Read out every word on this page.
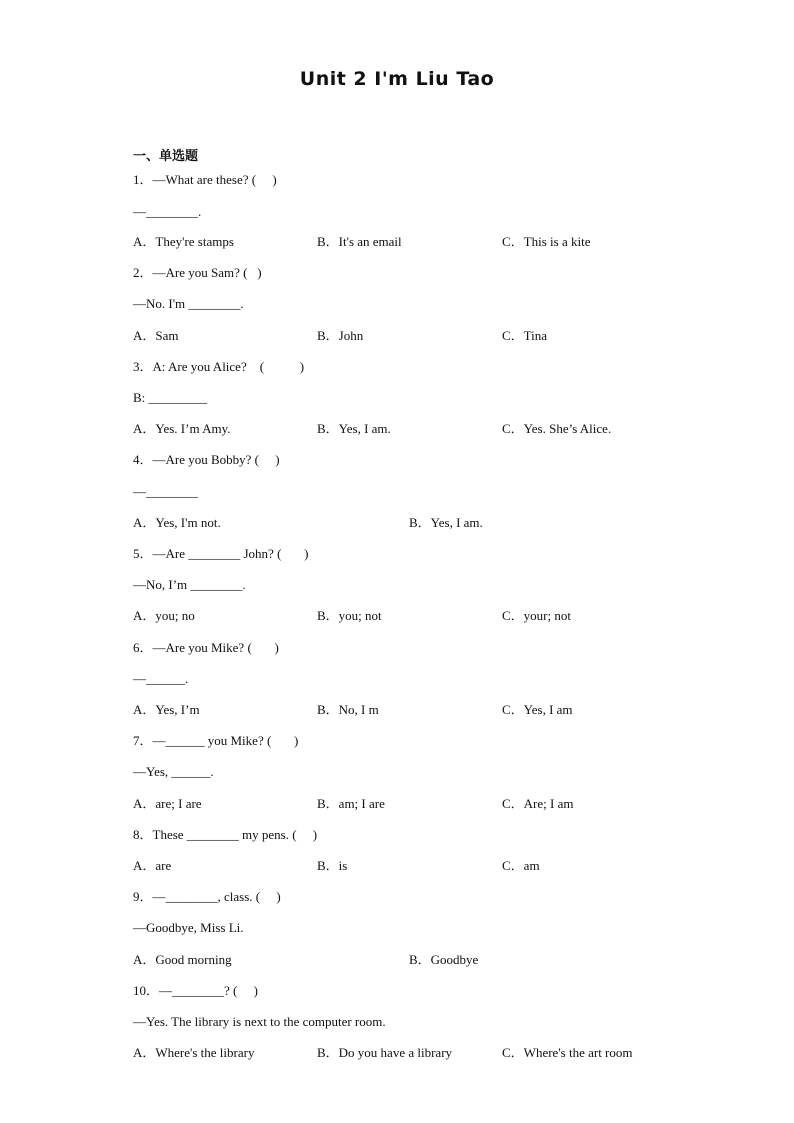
Unit 2 I'm Liu Tao
一、单选题
1．—What are these? (     )
—________.
A．They're stamps	B．It's an email	C．This is a kite
2．—Are you Sam? (   )
—No. I'm ________.
A．Sam	B．John	C．Tina
3．A: Are you Alice?    (           )
B: _________
A．Yes. I’m Amy.	B．Yes, I am.	C．Yes. She’s Alice.
4．—Are you Bobby? (     )
—________
A．Yes, I'm not.	B．Yes, I am.
5．—Are ________ John? (       )
—No, I’m ________.
A．you; no	B．you; not	C．your; not
6．—Are you Mike? (       )
—______.
A．Yes, I’m	B．No, I m	C．Yes, I am
7．—______ you Mike? (       )
—Yes, ______.
A．are; I are	B．am; I are	C．Are; I am
8．These ________ my pens. (     )
A．are	B．is	C．am
9．—________, class. (     )
—Goodbye, Miss Li.
A．Good morning	B．Goodbye
10．—________? (     )
—Yes. The library is next to the computer room.
A．Where's the library	B．Do you have a library	C．Where's the art room
